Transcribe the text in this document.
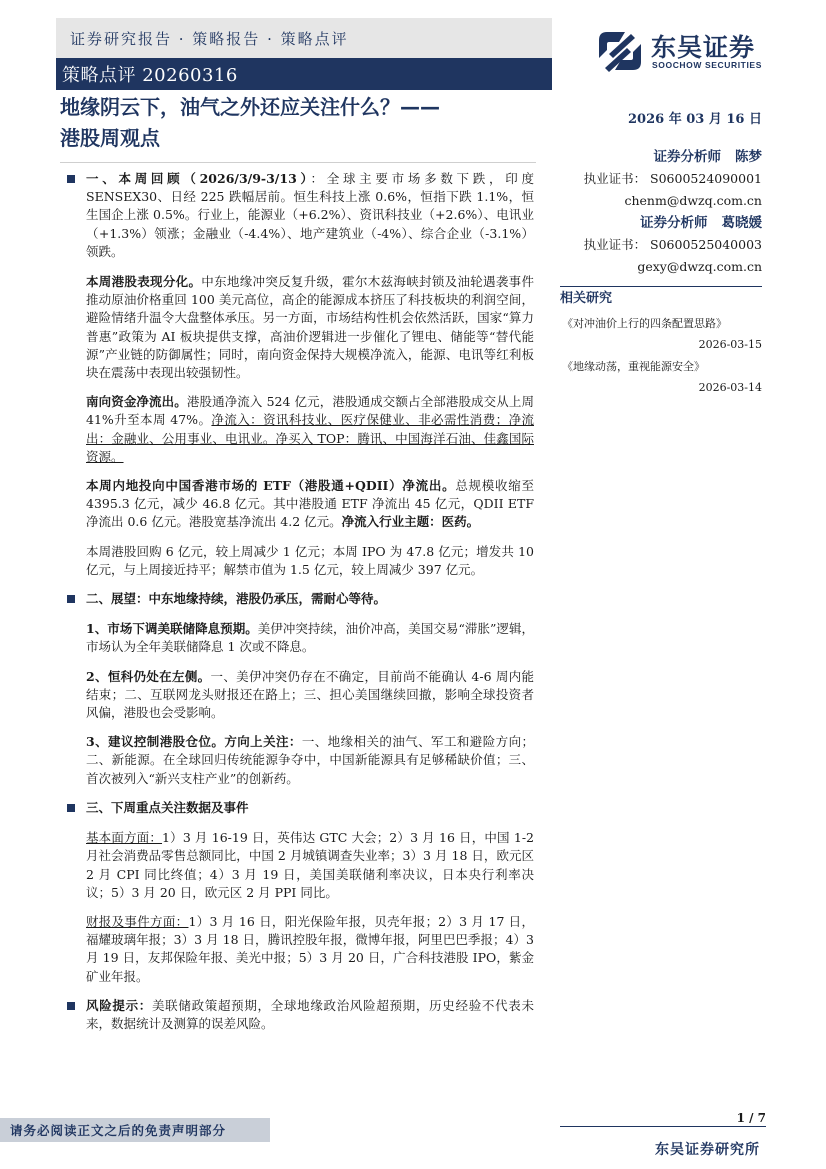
证券研究报告 · 策略报告 · 策略点评
策略点评 20260316
东吴证券
SOOCHOW SECURITIES
地缘阴云下，油气之外还应关注什么？——
港股周观点
2026 年 03 月 16 日
证券分析师 陈梦
执业证书： S0600524090001
chenm@dwzq.com.cn
证券分析师 葛晓媛
执业证书： S0600525040003
gexy@dwzq.com.cn
相关研究
《对冲油价上行的四条配置思路》
2026-03-15
《地缘动荡，重视能源安全》
2026-03-14
一、本周回顾（2026/3/9-3/13）：全球主要市场多数下跌，印度 SENSEX30、日经 225 跌幅居前。恒生科技上涨 0.6%，恒指下跌 1.1%，恒生国企上涨 0.5%。行业上，能源业（+6.2%）、资讯科技业（+2.6%）、电讯业（+1.3%）领涨；金融业（-4.4%）、地产建筑业（-4%）、综合企业（-3.1%）领跌。
本周港股表现分化。中东地缘冲突反复升级，霍尔木兹海峡封锁及油轮遇袭事件推动原油价格重回 100 美元高位，高企的能源成本挤压了科技板块的利润空间，避险情绪升温令大盘整体承压。另一方面，市场结构性机会依然活跃，国家“算力普惠”政策为 AI 板块提供支撑，高油价逻辑进一步催化了锂电、储能等“替代能源”产业链的防御属性；同时，南向资金保持大规模净流入，能源、电讯等红利板块在震荡中表现出较强韧性。
南向资金净流出。港股通净流入 524 亿元，港股通成交额占全部港股成交从上周 41%升至本周 47%。净流入：资讯科技业、医疗保健业、非必需性消费；净流出：金融业、公用事业、电讯业。净买入 TOP：腾讯、中国海洋石油、佳鑫国际资源。
本周内地投向中国香港市场的 ETF（港股通+QDII）净流出。总规模收缩至 4395.3 亿元，减少 46.8 亿元。其中港股通 ETF 净流出 45 亿元，QDII ETF 净流出 0.6 亿元。港股宽基净流出 4.2 亿元。净流入行业主题：医药。
本周港股回购 6 亿元，较上周减少 1 亿元；本周 IPO 为 47.8 亿元；增发共 10 亿元，与上周接近持平；解禁市值为 1.5 亿元，较上周减少 397 亿元。
二、展望：中东地缘持续，港股仍承压，需耐心等待。
1、市场下调美联储降息预期。美伊冲突持续，油价冲高，美国交易“滞胀”逻辑，市场认为全年美联储降息 1 次或不降息。
2、恒科仍处在左侧。一、美伊冲突仍存在不确定，目前尚不能确认 4-6 周内能结束；二、互联网龙头财报还在路上；三、担心美国继续回撤，影响全球投资者风偏，港股也会受影响。
3、建议控制港股仓位。方向上关注：一、地缘相关的油气、军工和避险方向；二、新能源。在全球回归传统能源争夺中，中国新能源具有足够稀缺价值；三、首次被列入“新兴支柱产业”的创新药。
三、下周重点关注数据及事件
基本面方面：1）3 月 16-19 日，英伟达 GTC 大会；2）3 月 16 日，中国 1-2 月社会消费品零售总额同比，中国 2 月城镇调查失业率；3）3 月 18 日，欧元区 2 月 CPI 同比终值；4）3 月 19 日，美国美联储利率决议，日本央行利率决议；5）3 月 20 日，欧元区 2 月 PPI 同比。
财报及事件方面：1）3 月 16 日，阳光保险年报，贝壳年报；2）3 月 17 日，福耀玻璃年报；3）3 月 18 日，腾讯控股年报，微博年报，阿里巴巴季报；4）3 月 19 日，友邦保险年报、美光中报；5）3 月 20 日，广合科技港股 IPO，紫金矿业年报。
风险提示：美联储政策超预期，全球地缘政治风险超预期，历史经验不代表未来，数据统计及测算的误差风险。
1 / 7
请务必阅读正文之后的免责声明部分
东吴证券研究所
